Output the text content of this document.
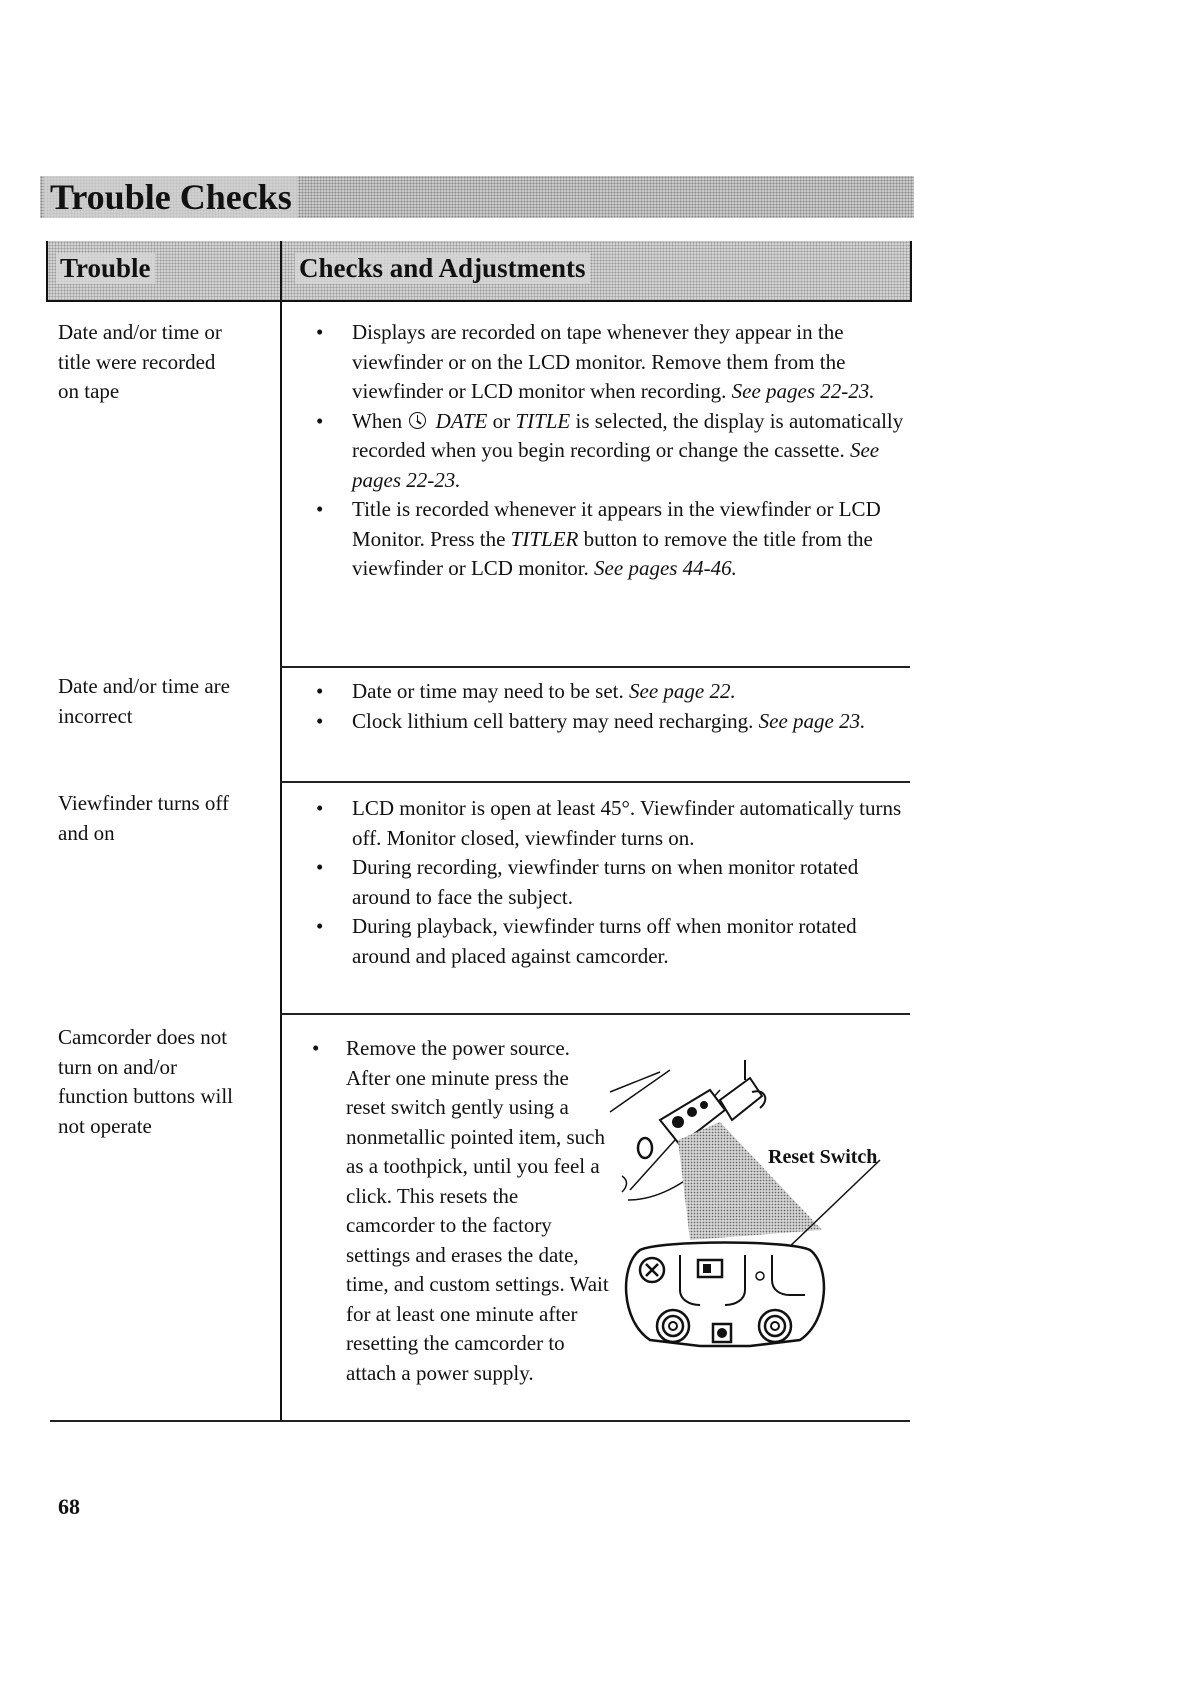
Trouble Checks
Trouble	Checks and Adjustments
Date and/or time or
title were recorded
on tape
• Displays are recorded on tape whenever they appear in the viewfinder or on the LCD monitor. Remove them from the viewfinder or LCD monitor when recording. See pages 22-23.
• When DATE or TITLE is selected, the display is automatically recorded when you begin recording or change the cassette. See pages 22-23.
• Title is recorded whenever it appears in the viewfinder or LCD Monitor. Press the TITLER button to remove the title from the viewfinder or LCD monitor. See pages 44-46.
Date and/or time are
incorrect
• Date or time may need to be set. See page 22.
• Clock lithium cell battery may need recharging. See page 23.
Viewfinder turns off
and on
• LCD monitor is open at least 45°. Viewfinder automatically turns off. Monitor closed, viewfinder turns on.
• During recording, viewfinder turns on when monitor rotated around to face the subject.
• During playback, viewfinder turns off when monitor rotated around and placed against camcorder.
Camcorder does not
turn on and/or
function buttons will
not operate
• Remove the power source. After one minute press the reset switch gently using a nonmetallic pointed item, such as a toothpick, until you feel a click. This resets the camcorder to the factory settings and erases the date, time, and custom settings. Wait for at least one minute after resetting the camcorder to attach a power supply.
Reset Switch
68
